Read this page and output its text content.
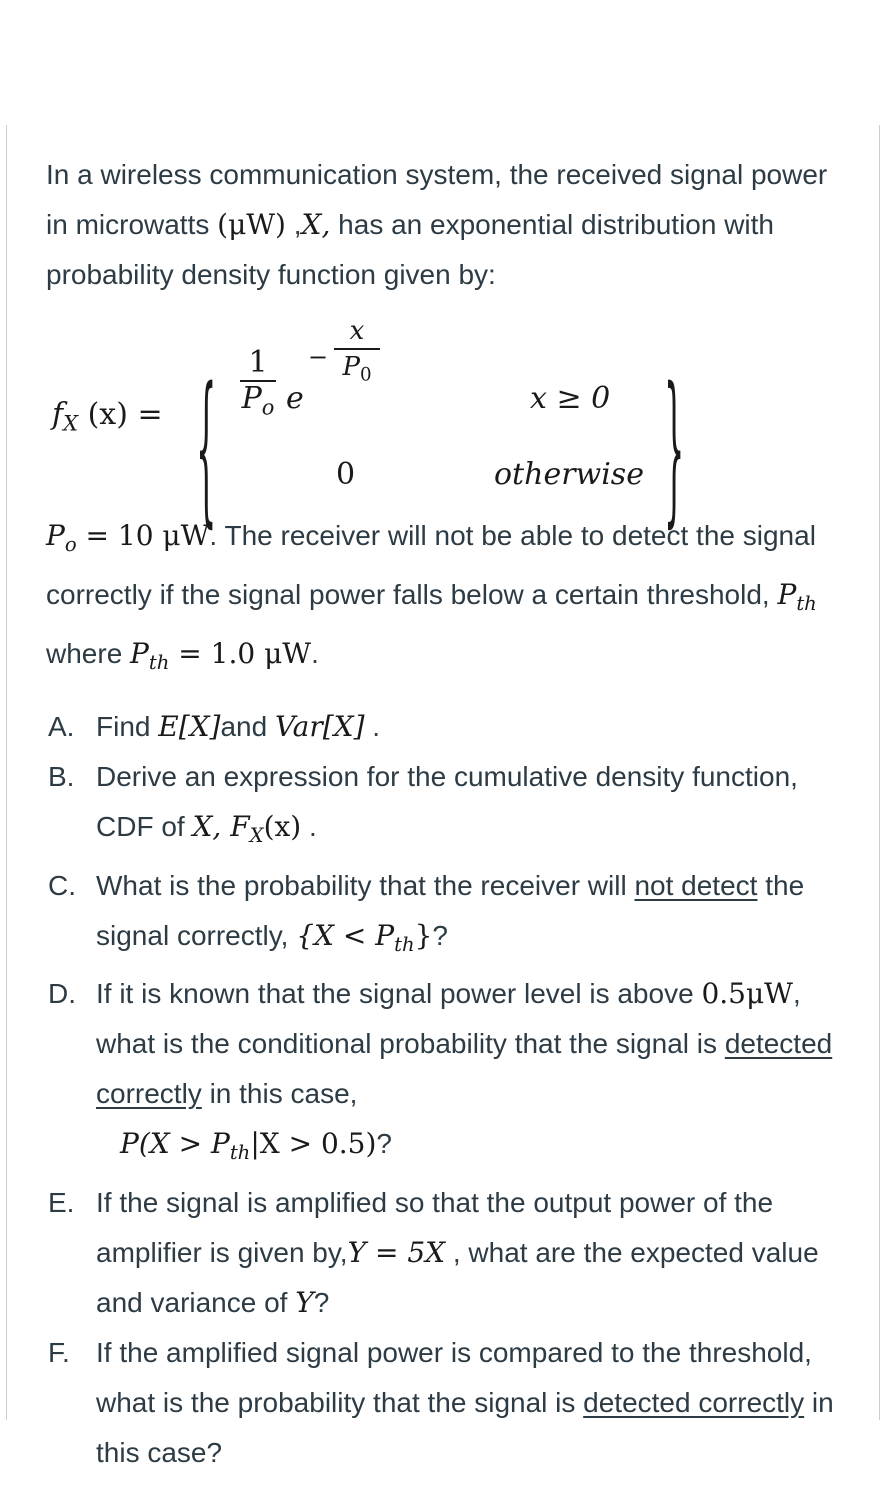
In a wireless communication system, the received signal power in microwatts (μW) ,X, has an exponential distribution with probability density function given by:

$f_X$ (x) = { $\frac{1}{P_o}$ e
− $\frac{x}{P_0}$
x ≥ 0
0	otherwise }

$P_o = 10$ μW. The receiver will not be able to detect the signal correctly if the signal power falls below a certain threshold, $P_{th}$ where $P_{th} = 1.0$ μW.

A. Find E[X]and Var[X] .
B. Derive an expression for the cumulative density function, CDF of X, $F_X(x)$ .
C. What is the probability that the receiver will not detect the signal correctly, $\{X < P_{th}\}$?
D. If it is known that the signal power level is above 0.5μW, what is the conditional probability that the signal is detected correctly in this case,
$P(X > P_{th}|X > 0.5)$?
E. If the signal is amplified so that the output power of the amplifier is given by,Y = 5X , what are the expected value and variance of Y?
F. If the amplified signal power is compared to the threshold, what is the probability that the signal is detected correctly in this case?
